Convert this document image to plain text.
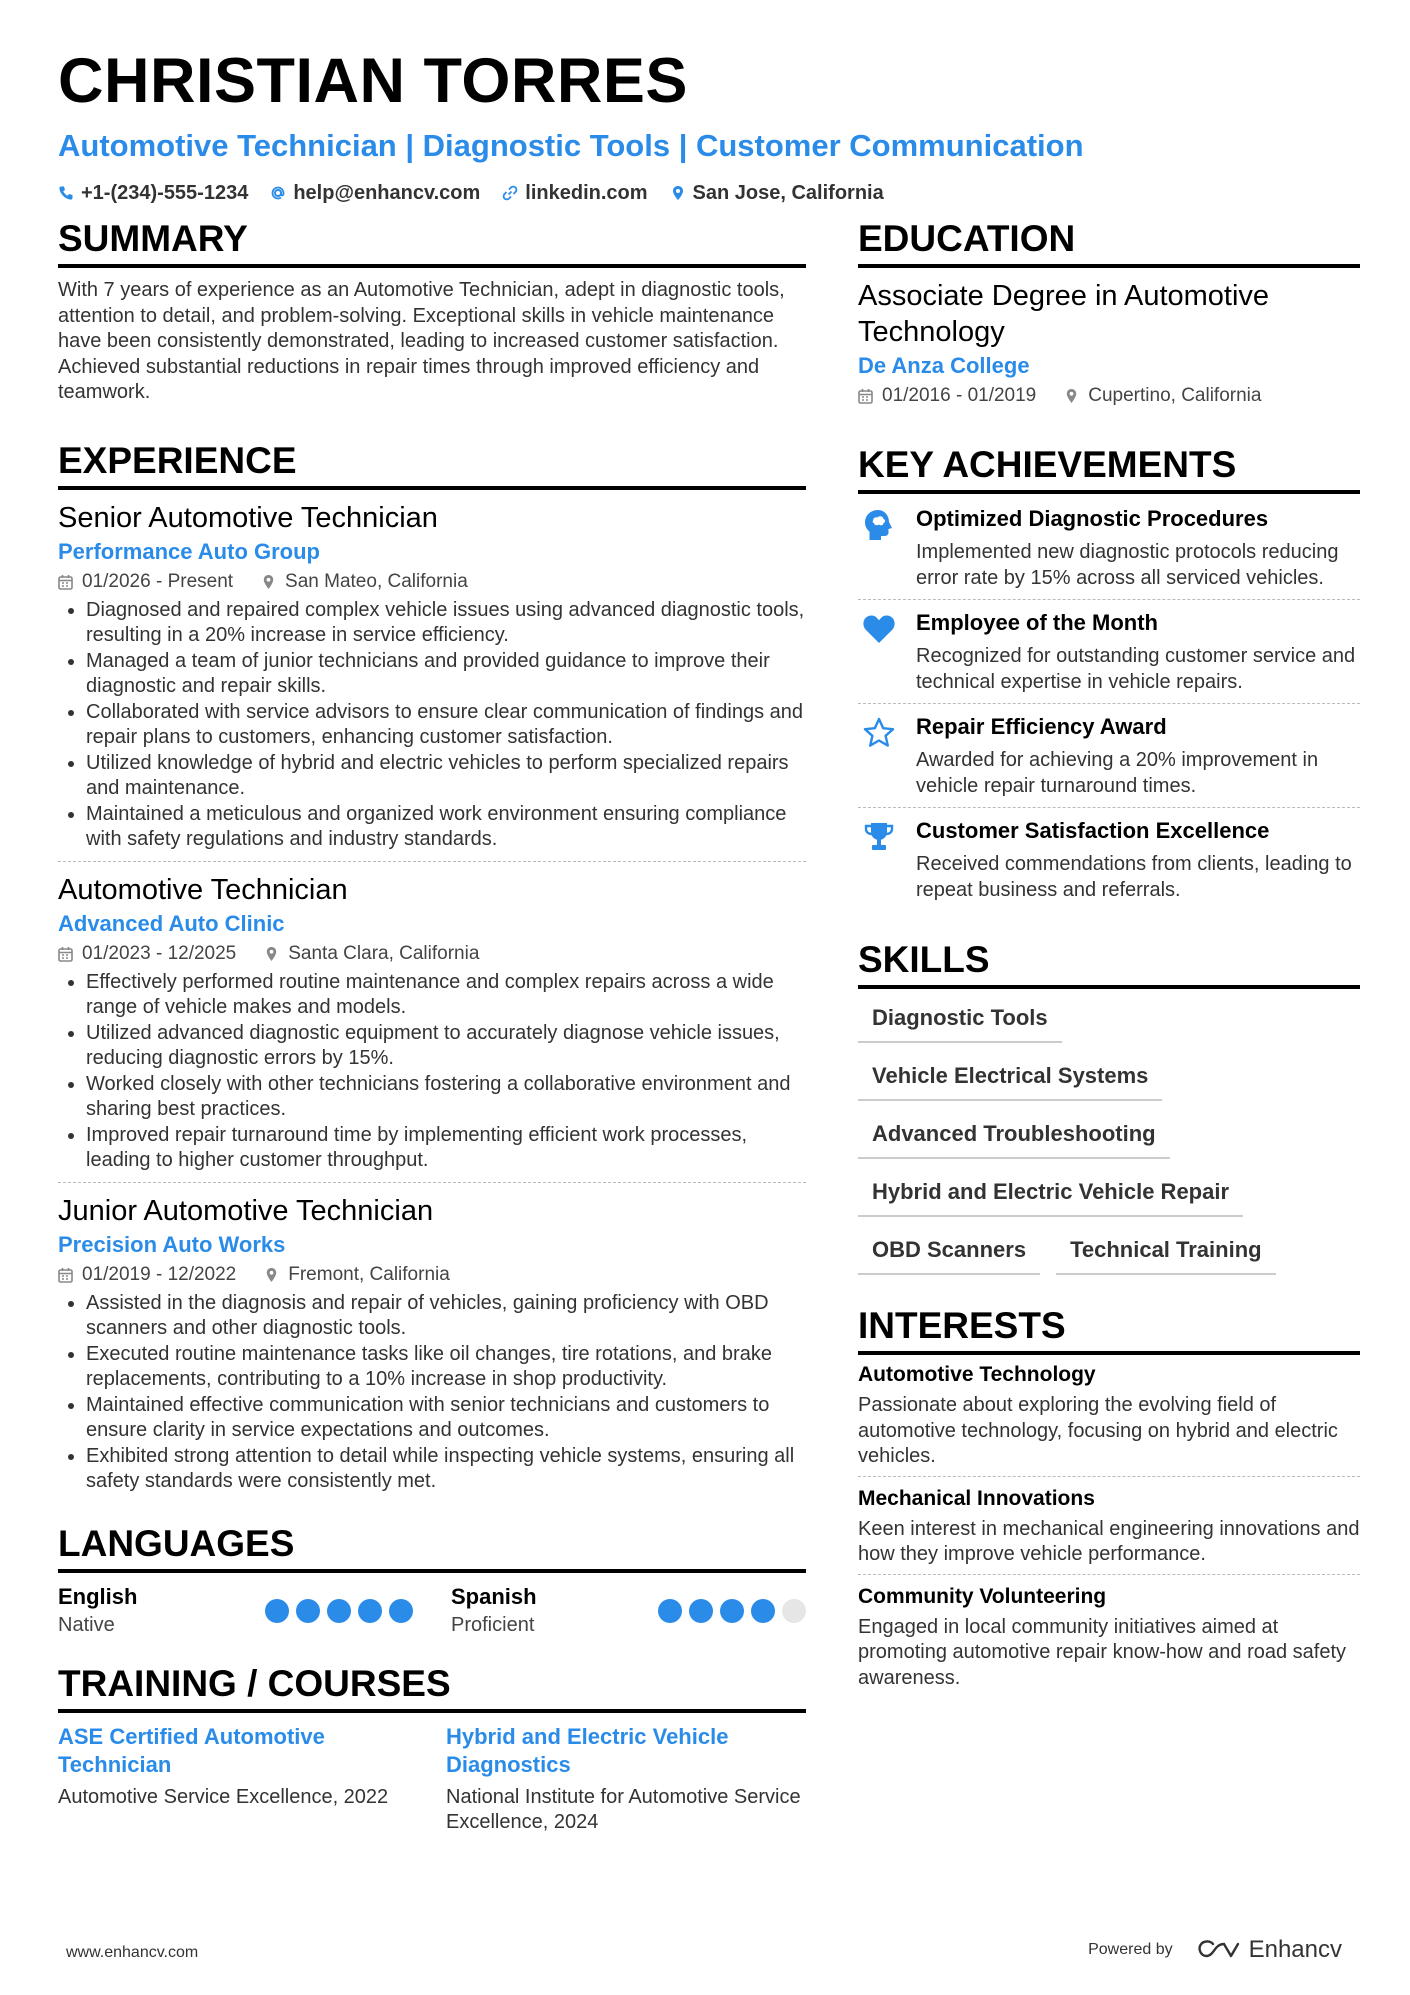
CHRISTIAN TORRES
Automotive Technician | Diagnostic Tools | Customer Communication
+1-(234)-555-1234 help@enhancv.com linkedin.com San Jose, California
SUMMARY
With 7 years of experience as an Automotive Technician, adept in diagnostic tools, attention to detail, and problem-solving. Exceptional skills in vehicle maintenance have been consistently demonstrated, leading to increased customer satisfaction. Achieved substantial reductions in repair times through improved efficiency and teamwork.
EXPERIENCE
Senior Automotive Technician
Performance Auto Group
01/2026 - Present	San Mateo, California
• Diagnosed and repaired complex vehicle issues using advanced diagnostic tools, resulting in a 20% increase in service efficiency.
• Managed a team of junior technicians and provided guidance to improve their diagnostic and repair skills.
• Collaborated with service advisors to ensure clear communication of findings and repair plans to customers, enhancing customer satisfaction.
• Utilized knowledge of hybrid and electric vehicles to perform specialized repairs and maintenance.
• Maintained a meticulous and organized work environment ensuring compliance with safety regulations and industry standards.
Automotive Technician
Advanced Auto Clinic
01/2023 - 12/2025	Santa Clara, California
• Effectively performed routine maintenance and complex repairs across a wide range of vehicle makes and models.
• Utilized advanced diagnostic equipment to accurately diagnose vehicle issues, reducing diagnostic errors by 15%.
• Worked closely with other technicians fostering a collaborative environment and sharing best practices.
• Improved repair turnaround time by implementing efficient work processes, leading to higher customer throughput.
Junior Automotive Technician
Precision Auto Works
01/2019 - 12/2022	Fremont, California
• Assisted in the diagnosis and repair of vehicles, gaining proficiency with OBD scanners and other diagnostic tools.
• Executed routine maintenance tasks like oil changes, tire rotations, and brake replacements, contributing to a 10% increase in shop productivity.
• Maintained effective communication with senior technicians and customers to ensure clarity in service expectations and outcomes.
• Exhibited strong attention to detail while inspecting vehicle systems, ensuring all safety standards were consistently met.
LANGUAGES
English
Native
Spanish
Proficient
TRAINING / COURSES
ASE Certified Automotive Technician
Automotive Service Excellence, 2022
Hybrid and Electric Vehicle Diagnostics
National Institute for Automotive Service Excellence, 2024
EDUCATION
Associate Degree in Automotive Technology
De Anza College
01/2016 - 01/2019	Cupertino, California
KEY ACHIEVEMENTS
Optimized Diagnostic Procedures
Implemented new diagnostic protocols reducing error rate by 15% across all serviced vehicles.
Employee of the Month
Recognized for outstanding customer service and technical expertise in vehicle repairs.
Repair Efficiency Award
Awarded for achieving a 20% improvement in vehicle repair turnaround times.
Customer Satisfaction Excellence
Received commendations from clients, leading to repeat business and referrals.
SKILLS
Diagnostic Tools
Vehicle Electrical Systems
Advanced Troubleshooting
Hybrid and Electric Vehicle Repair
OBD Scanners	Technical Training
INTERESTS
Automotive Technology
Passionate about exploring the evolving field of automotive technology, focusing on hybrid and electric vehicles.
Mechanical Innovations
Keen interest in mechanical engineering innovations and how they improve vehicle performance.
Community Volunteering
Engaged in local community initiatives aimed at promoting automotive repair know-how and road safety awareness.
www.enhancv.com	Powered by	Enhancv
